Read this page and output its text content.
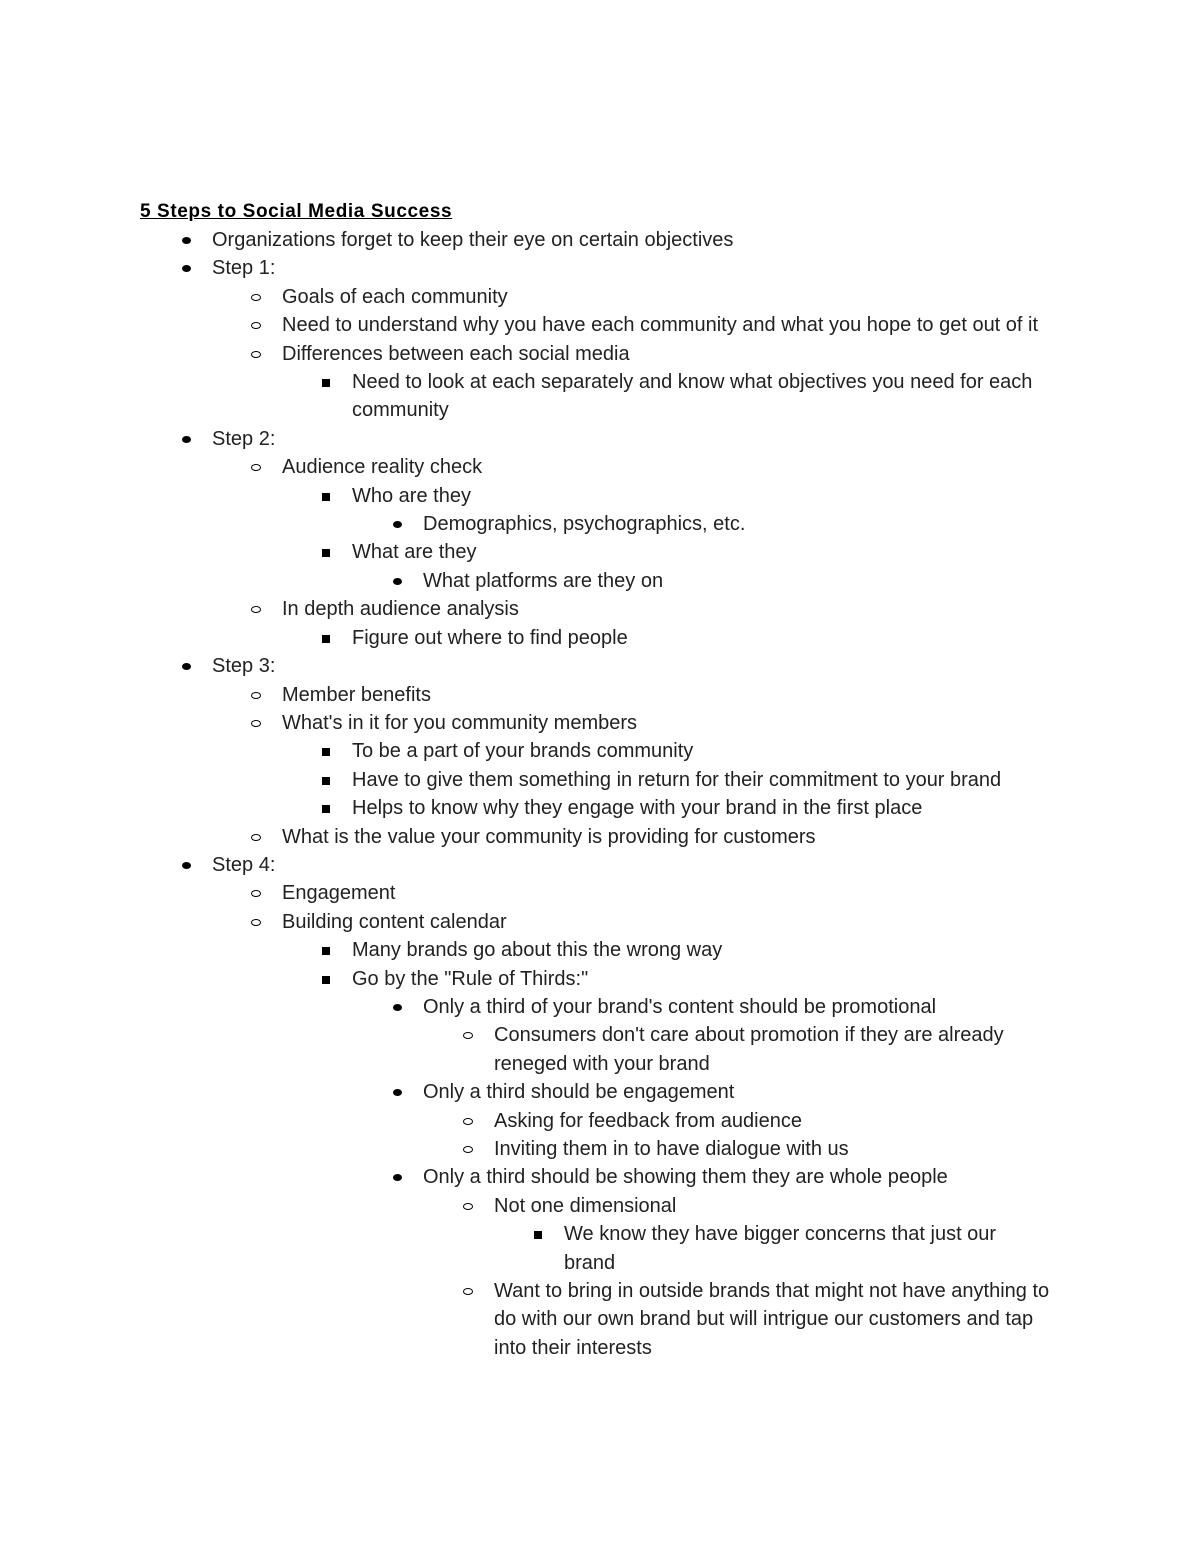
5 Steps to Social Media Success
Organizations forget to keep their eye on certain objectives
Step 1:
Goals of each community
Need to understand why you have each community and what you hope to get out of it
Differences between each social media
Need to look at each separately and know what objectives you need for each community
Step 2:
Audience reality check
Who are they
Demographics, psychographics, etc.
What are they
What platforms are they on
In depth audience analysis
Figure out where to find people
Step 3:
Member benefits
What's in it for you community members
To be a part of your brands community
Have to give them something in return for their commitment to your brand
Helps to know why they engage with your brand in the first place
What is the value your community is providing for customers
Step 4:
Engagement
Building content calendar
Many brands go about this the wrong way
Go by the "Rule of Thirds:"
Only a third of your brand's content should be promotional
Consumers don't care about promotion if they are already reneged with your brand
Only a third should be engagement
Asking for feedback from audience
Inviting them in to have dialogue with us
Only a third should be showing them they are whole people
Not one dimensional
We know they have bigger concerns that just our brand
Want to bring in outside brands that might not have anything to do with our own brand but will intrigue our customers and tap into their interests
